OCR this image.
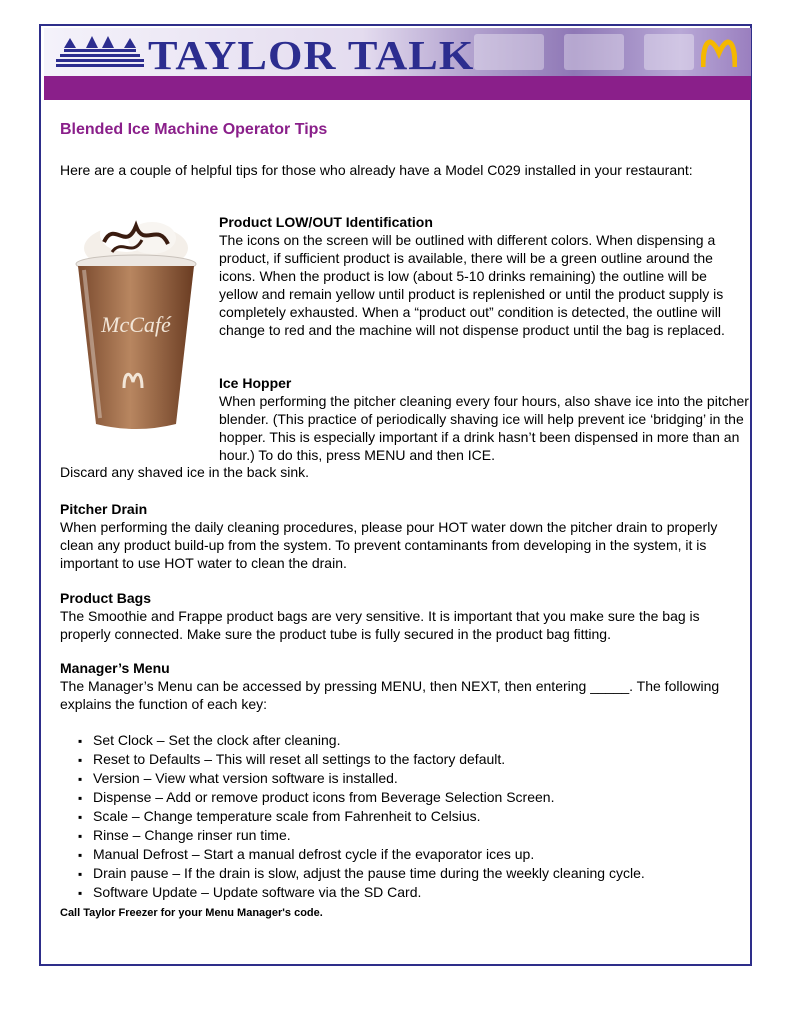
TAYLOR TALK
Blended Ice Machine Operator Tips

Here are a couple of helpful tips for those who already have a Model C029 installed in your restaurant:

McCafé

Product LOW/OUT Identification
The icons on the screen will be outlined with different colors. When dispensing a product, if sufficient product is available, there will be a green outline around the icons. When the product is low (about 5-10 drinks remaining) the outline will be yellow and remain yellow until product is replenished or until the product supply is completely exhausted. When a “product out” condition is detected, the outline will change to red and the machine will not dispense product until the bag is replaced.

Ice Hopper
When performing the pitcher cleaning every four hours, also shave ice into the pitcher blender. (This practice of periodically shaving ice will help prevent ice ‘bridging’ in the hopper. This is especially important if a drink hasn’t been dispensed in more than an hour.) To do this, press MENU and then ICE.

Discard any shaved ice in the back sink.

Pitcher Drain
When performing the daily cleaning procedures, please pour HOT water down the pitcher drain to properly clean any product build-up from the system. To prevent contaminants from developing in the system, it is important to use HOT water to clean the drain.

Product Bags
The Smoothie and Frappe product bags are very sensitive. It is important that you make sure the bag is properly connected. Make sure the product tube is fully secured in the product bag fitting.

Manager’s Menu
The Manager’s Menu can be accessed by pressing MENU, then NEXT, then entering _____. The following explains the function of each key:

▪ Set Clock – Set the clock after cleaning.
▪ Reset to Defaults – This will reset all settings to the factory default.
▪ Version – View what version software is installed.
▪ Dispense – Add or remove product icons from Beverage Selection Screen.
▪ Scale – Change temperature scale from Fahrenheit to Celsius.
▪ Rinse – Change rinser run time.
▪ Manual Defrost – Start a manual defrost cycle if the evaporator ices up.
▪ Drain pause – If the drain is slow, adjust the pause time during the weekly cleaning cycle.
▪ Software Update – Update software via the SD Card.
Call Taylor Freezer for your Menu Manager's code.
